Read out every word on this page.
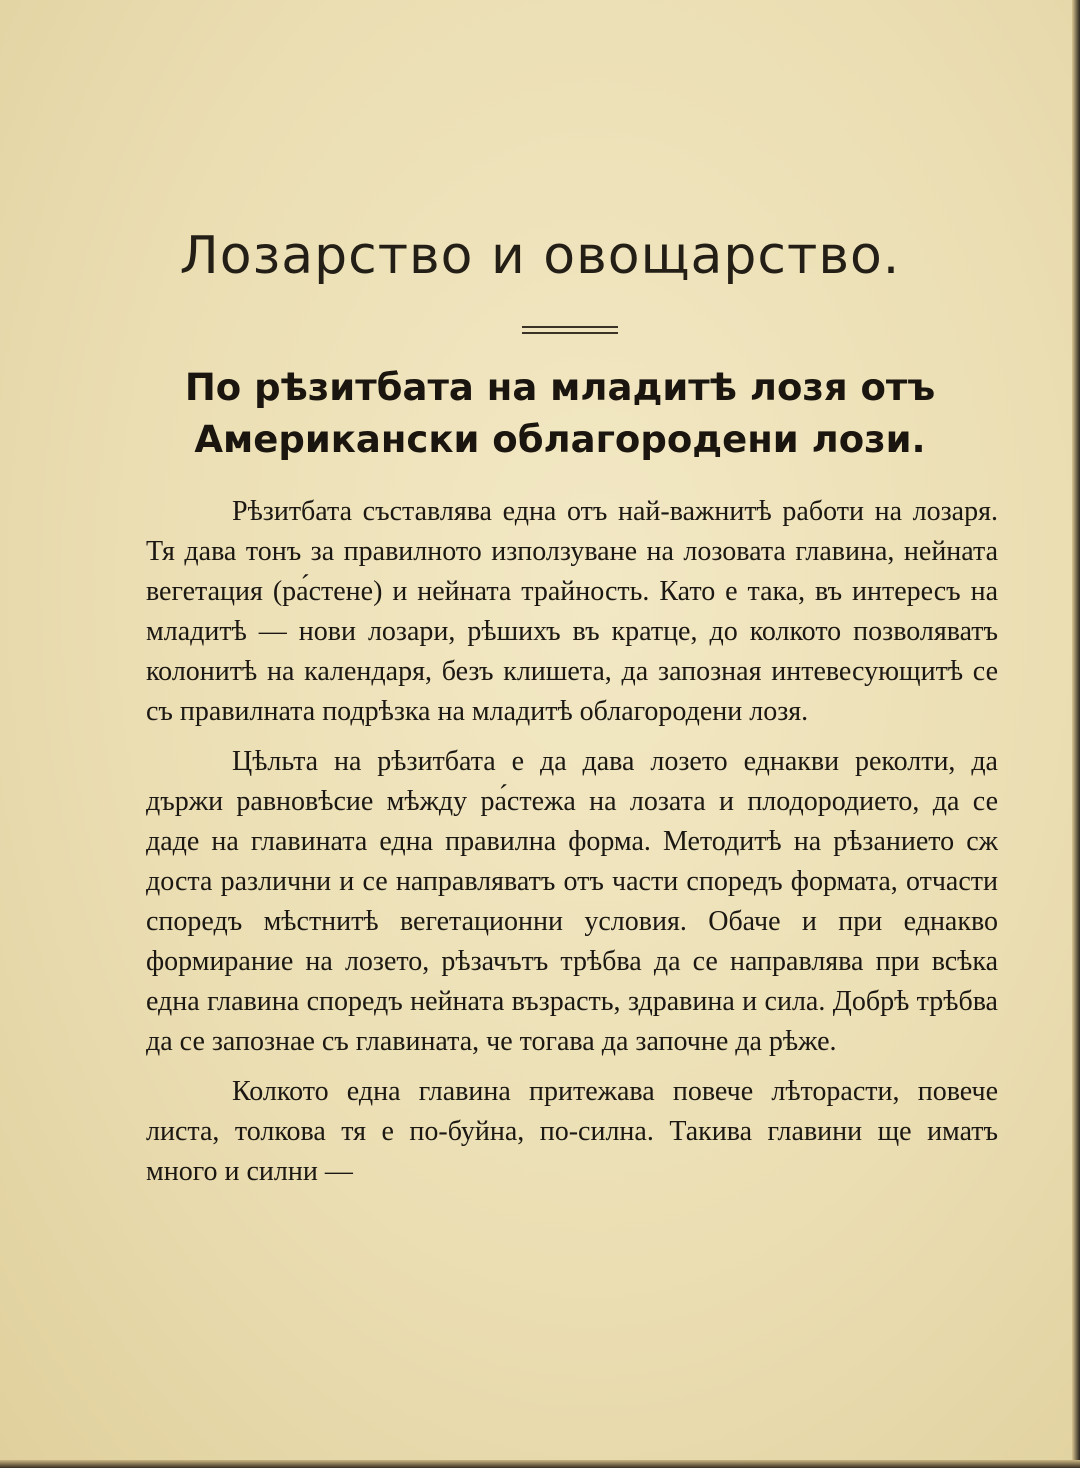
Лозарство и овощарство.
По рѣзитбата на младитѣ лозя отъ Американски облагородени лози.

Рѣзитбата съставлява една отъ най-важнитѣ работи на лозаря. Тя дава тонъ за правилното използуване на лозовата главина, нейната вегетация (ра́стене) и нейната трайность. Като е така, въ интересъ на младитѣ — нови лозари, рѣшихъ въ кратце, до колкото позволяватъ колонитѣ на календаря, безъ клишета, да запозная интевесующитѣ се съ правилната подрѣзка на младитѣ облагородени лозя.

Цѣльта на рѣзитбата е да дава лозето еднакви реколти, да държи равновѣсие мѣжду ра́стежа на лозата и плодородието, да се даде на главината една правилна форма. Методитѣ на рѣзанието сж доста различни и се направляватъ отъ части споредъ формата, отчасти споредъ мѣстнитѣ вегетационни условия. Обаче и при еднакво формирание на лозето, рѣзачътъ трѣбва да се направлява при всѣка една главина споредъ нейната възрасть, здравина и сила. Добрѣ трѣбва да се запознае съ главината, че тогава да започне да рѣже.

Колкото една главина притежава повече лѣторасти, повече листа, толкова тя е по-буйна, по-силна. Такива главини ще иматъ много и силни —
